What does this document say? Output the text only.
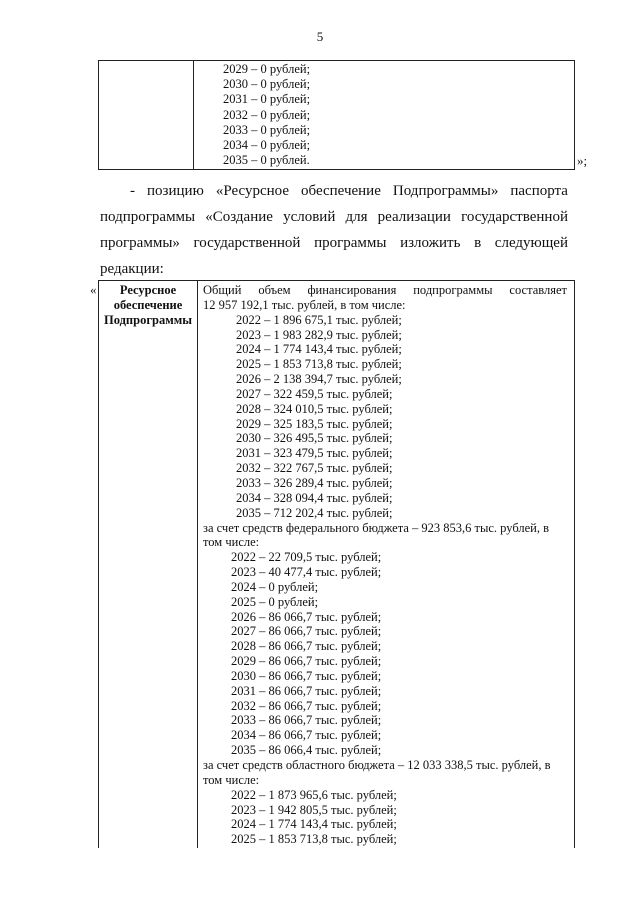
5
2029 – 0 рублей;
2030 – 0 рублей;
2031 – 0 рублей;
2032 – 0 рублей;
2033 – 0 рублей;
2034 – 0 рублей;
2035 – 0 рублей.	»;
- позицию «Ресурсное обеспечение Подпрограммы» паспорта
подпрограммы «Создание условий для реализации государственной
программы» государственной программы изложить в следующей
редакции:
«	Ресурсное
обеспечение
Подпрограммы
Общий объем финансирования подпрограммы составляет
12 957 192,1 тыс. рублей, в том числе:
2022 – 1 896 675,1 тыс. рублей;
2023 – 1 983 282,9 тыс. рублей;
2024 – 1 774 143,4 тыс. рублей;
2025 – 1 853 713,8 тыс. рублей;
2026 – 2 138 394,7 тыс. рублей;
2027 – 322 459,5 тыс. рублей;
2028 – 324 010,5 тыс. рублей;
2029 – 325 183,5 тыс. рублей;
2030 – 326 495,5 тыс. рублей;
2031 – 323 479,5 тыс. рублей;
2032 – 322 767,5 тыс. рублей;
2033 – 326 289,4 тыс. рублей;
2034 – 328 094,4 тыс. рублей;
2035 – 712 202,4 тыс. рублей;
за счет средств федерального бюджета – 923 853,6 тыс. рублей, в
том числе:
2022 – 22 709,5 тыс. рублей;
2023 – 40 477,4 тыс. рублей;
2024 – 0 рублей;
2025 – 0 рублей;
2026 – 86 066,7 тыс. рублей;
2027 – 86 066,7 тыс. рублей;
2028 – 86 066,7 тыс. рублей;
2029 – 86 066,7 тыс. рублей;
2030 – 86 066,7 тыс. рублей;
2031 – 86 066,7 тыс. рублей;
2032 – 86 066,7 тыс. рублей;
2033 – 86 066,7 тыс. рублей;
2034 – 86 066,7 тыс. рублей;
2035 – 86 066,4 тыс. рублей;
за счет средств областного бюджета – 12 033 338,5 тыс. рублей, в
том числе:
2022 – 1 873 965,6 тыс. рублей;
2023 – 1 942 805,5 тыс. рублей;
2024 – 1 774 143,4 тыс. рублей;
2025 – 1 853 713,8 тыс. рублей;
